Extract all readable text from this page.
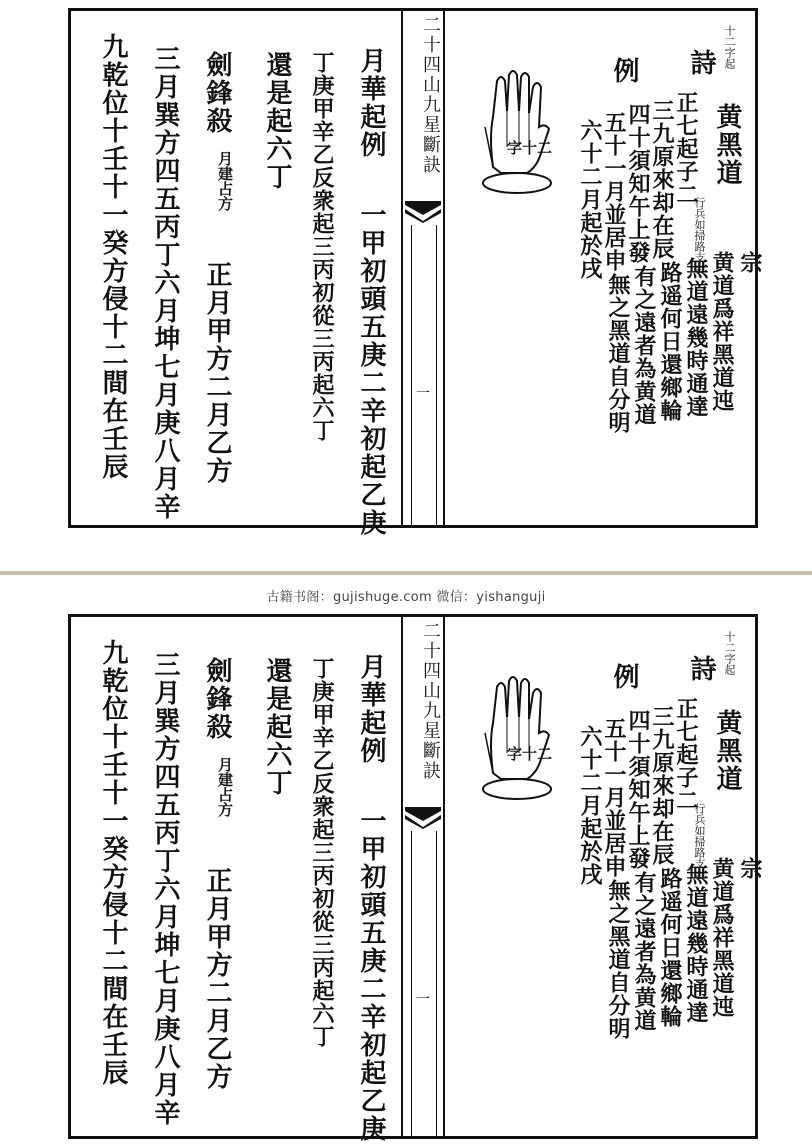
古籍书阁：gujishuge.com 微信：yishanguji
二十四山九星斷訣
一
十二字起
詩
例
黄黑道
行兵如掃路支吉
字十二	正七起子二
三九原來却在辰
四十須知午上發
五十一月並居申
六十二月起於戌	宗
黄道爲祥黑道迍
無道遠幾時通達
路遥何日還鄉輪
有之遠者為黄道
無之黑道自分明
月華起例
一甲初頭五庚二辛初起乙庚
丁庚甲辛乙反衆起三丙初從三丙起六丁
還是起六丁
劍鋒殺
月建占方
正月甲方二月乙方
三月巽方四五丙丁六月坤七月庚八月辛
九乾位十壬十一癸方侵十二間在壬辰
二十四山九星斷訣
一
十二字起
詩
例
黄黑道
行兵如掃路支吉
字十二	正七起子二
三九原來却在辰
四十須知午上發
五十一月並居申
六十二月起於戌	宗
黄道爲祥黑道迍
無道遠幾時通達
路遥何日還鄉輪
有之遠者為黄道
無之黑道自分明
月華起例
一甲初頭五庚二辛初起乙庚
丁庚甲辛乙反衆起三丙初從三丙起六丁
還是起六丁
劍鋒殺
月建占方
正月甲方二月乙方
三月巽方四五丙丁六月坤七月庚八月辛
九乾位十壬十一癸方侵十二間在壬辰
